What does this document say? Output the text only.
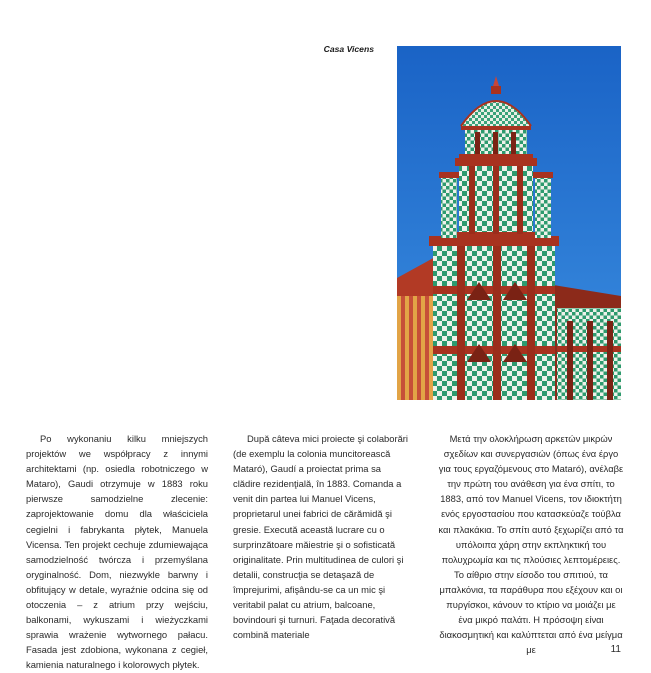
Casa Vicens

Po wykonaniu kilku mniejszych projektów we współpracy z innymi architektami (np. osiedla robotniczego w Mataro), Gaudi otrzymuje w 1883 roku pierwsze samodzielne zlecenie: zaprojektowanie domu dla właściciela cegielni i fabrykanta płytek, Manuela Vicensa. Ten projekt cechuje zdumiewająca samodzielność twórcza i przemyślana oryginalność. Dom, niezwykle barwny i obfitujący w detale, wyraźnie odcina się od otoczenia – z atrium przy wejściu, balkonami, wykuszami i wieżyczkami sprawia wrażenie wytwornego pałacu. Fasada jest zdobiona, wykonana z cegieł, kamienia naturalnego i kolorowych płytek.

După câteva mici proiecte şi colaborări (de exemplu la colonia muncitorească Mataró), Gaudí a proiectat prima sa clădire rezidenţială, în 1883. Comanda a venit din partea lui Manuel Vicens, proprietarul unei fabrici de cărămidă şi gresie. Execută această lucrare cu o surprinzătoare măiestrie şi o sofisticată originalitate. Prin multitudinea de culori şi detalii, construcţia se detaşază de împrejurimi, afişându-se ca un mic şi veritabil palat cu atrium, balcoane, bovindouri şi turnuri. Faţada decorativă combină materiale

Μετά την ολοκλήρωση αρκετών μικρών σχεδίων και συνεργασιών (όπως ένα έργο για τους εργαζόμενους στο Mataró), ανέλαβε την πρώτη του ανάθεση για ένα σπίτι, το 1883, από τον Manuel Vicens, τον ιδιοκτήτη ενός εργοστασίου που κατασκεύαζε τούβλα και πλακάκια. Το σπίτι αυτό ξεχωρίζει από τα υπόλοιπα χάρη στην εκπληκτική του πολυχρωμία και τις πλούσιες λεπτομέρειες. Το αίθριο στην είσοδο του σπιτιού, τα μπαλκόνια, τα παράθυρα που εξέχουν και οι πυργίσκοι, κάνουν το κτίριο να μοιάζει με ένα μικρό παλάτι. Η πρόσοψη είναι διακοσμητική και καλύπτεται από ένα μείγμα με	11
